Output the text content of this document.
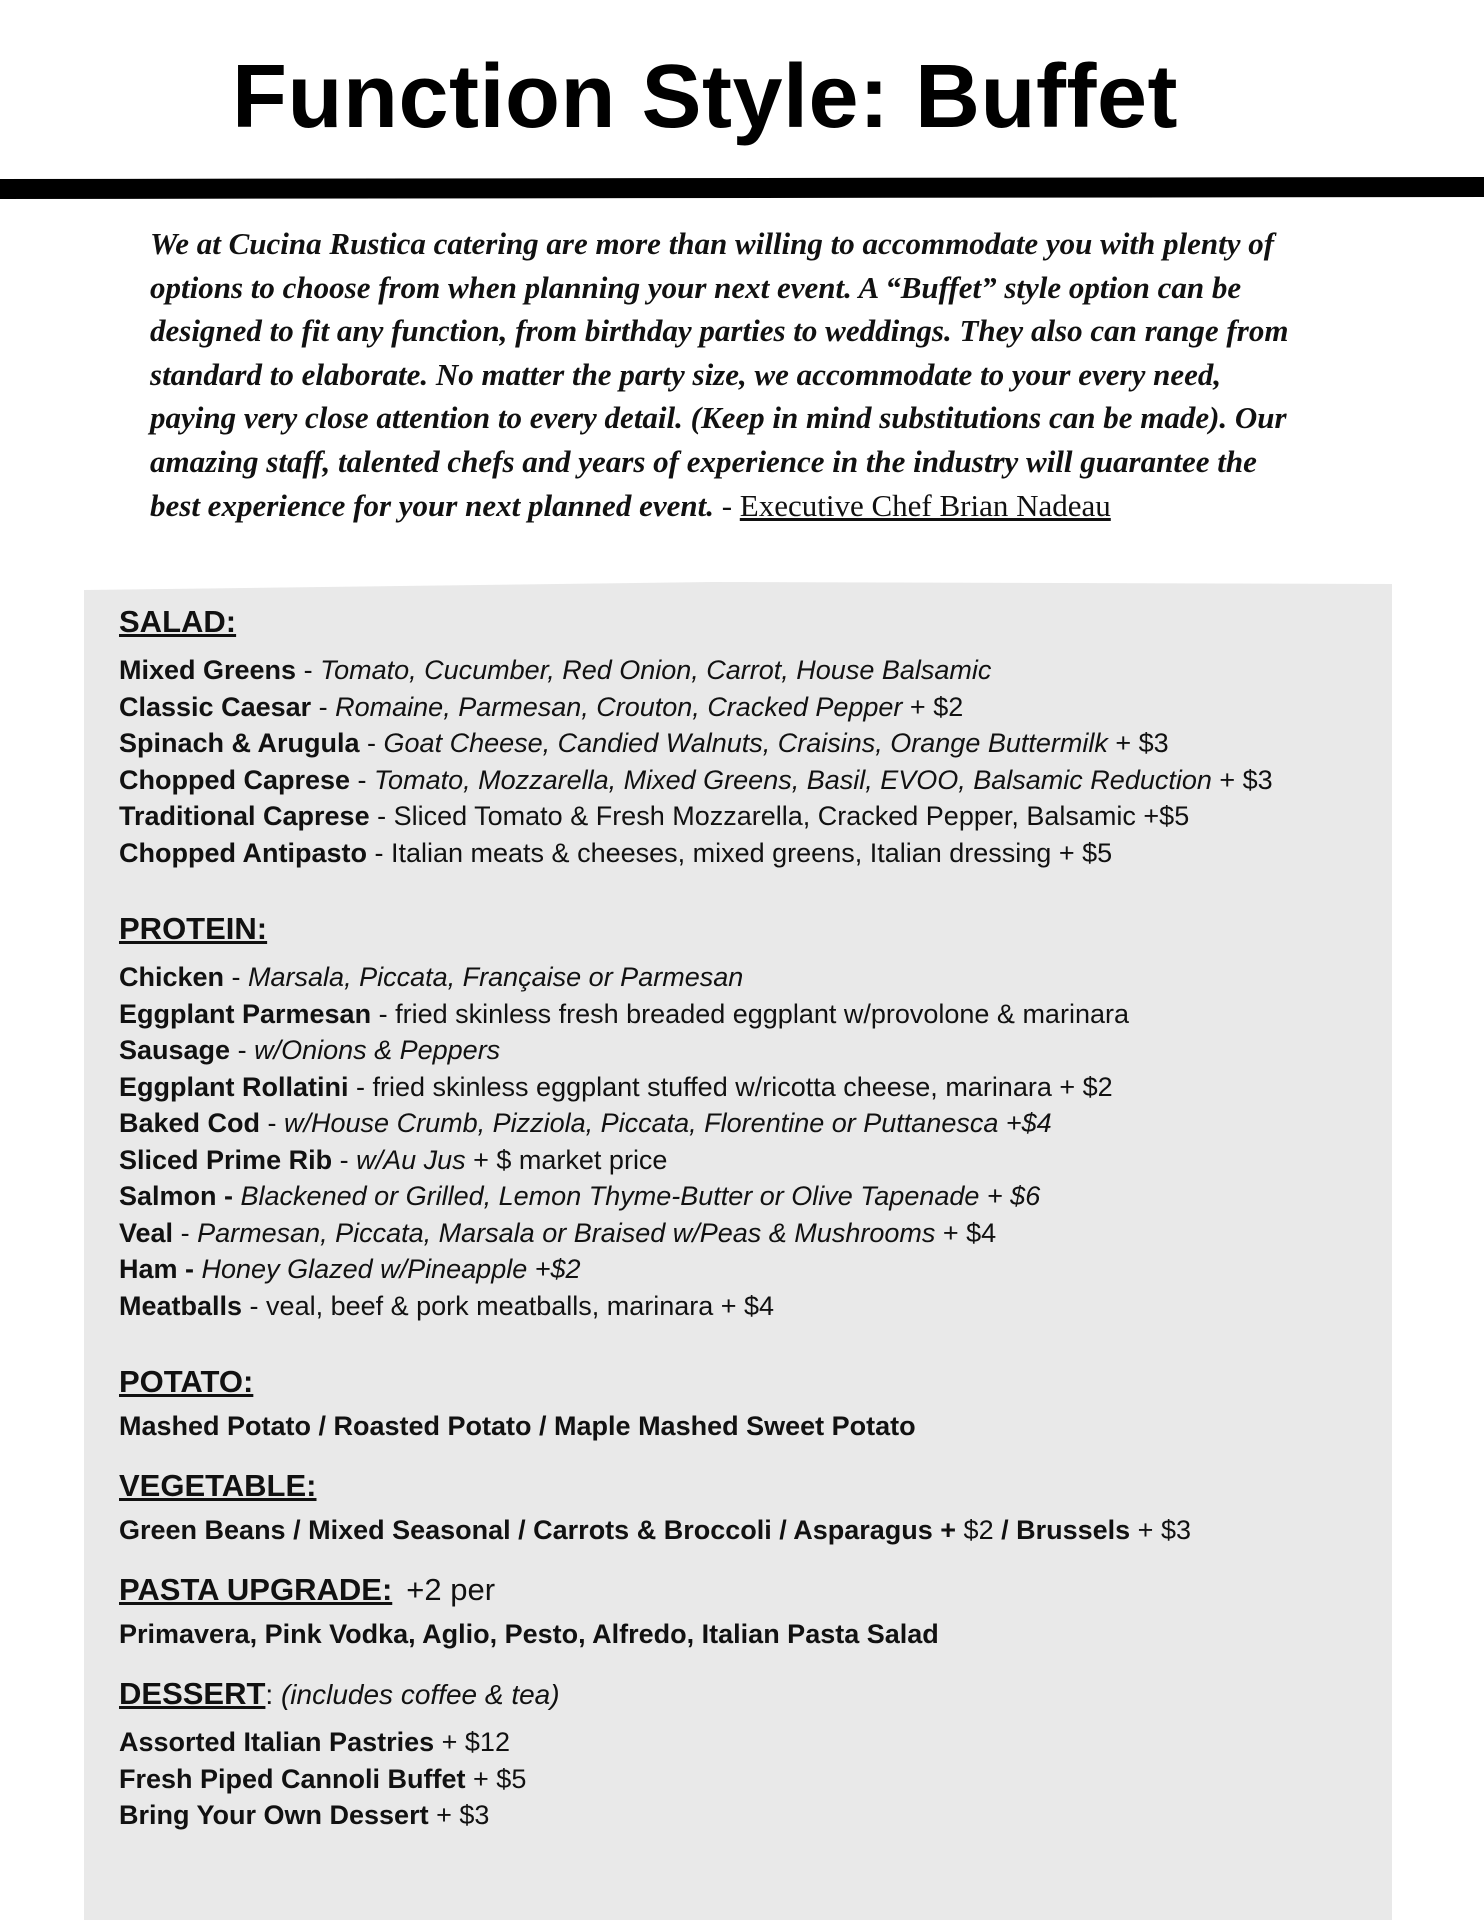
Function Style: Buffet
We at Cucina Rustica catering are more than willing to accommodate you with plenty of options to choose from when planning your next event. A “Buffet” style option can be designed to fit any function, from birthday parties to weddings. They also can range from standard to elaborate. No matter the party size, we accommodate to your every need, paying very close attention to every detail. (Keep in mind substitutions can be made). Our amazing staff, talented chefs and years of experience in the industry will guarantee the best experience for your next planned event. - Executive Chef Brian Nadeau
SALAD:
Mixed Greens - Tomato, Cucumber, Red Onion, Carrot, House Balsamic
Classic Caesar - Romaine, Parmesan, Crouton, Cracked Pepper + $2
Spinach & Arugula - Goat Cheese, Candied Walnuts, Craisins, Orange Buttermilk + $3
Chopped Caprese - Tomato, Mozzarella, Mixed Greens, Basil, EVOO, Balsamic Reduction + $3
Traditional Caprese - Sliced Tomato & Fresh Mozzarella, Cracked Pepper, Balsamic +$5
Chopped Antipasto - Italian meats & cheeses, mixed greens, Italian dressing + $5
PROTEIN:
Chicken - Marsala, Piccata, Française or Parmesan
Eggplant Parmesan - fried skinless fresh breaded eggplant w/provolone & marinara
Sausage - w/Onions & Peppers
Eggplant Rollatini - fried skinless eggplant stuffed w/ricotta cheese, marinara + $2
Baked Cod - w/House Crumb, Pizziola, Piccata, Florentine or Puttanesca +$4
Sliced Prime Rib - w/Au Jus + $ market price
Salmon - Blackened or Grilled, Lemon Thyme-Butter or Olive Tapenade + $6
Veal - Parmesan, Piccata, Marsala or Braised w/Peas & Mushrooms + $4
Ham - Honey Glazed w/Pineapple +$2
Meatballs - veal, beef & pork meatballs, marinara + $4
POTATO:
Mashed Potato / Roasted Potato / Maple Mashed Sweet Potato
VEGETABLE:
Green Beans / Mixed Seasonal / Carrots & Broccoli / Asparagus + $2 / Brussels + $3
PASTA UPGRADE: +2 per
Primavera, Pink Vodka, Aglio, Pesto, Alfredo, Italian Pasta Salad
DESSERT: (includes coffee & tea)
Assorted Italian Pastries + $12
Fresh Piped Cannoli Buffet + $5
Bring Your Own Dessert + $3
